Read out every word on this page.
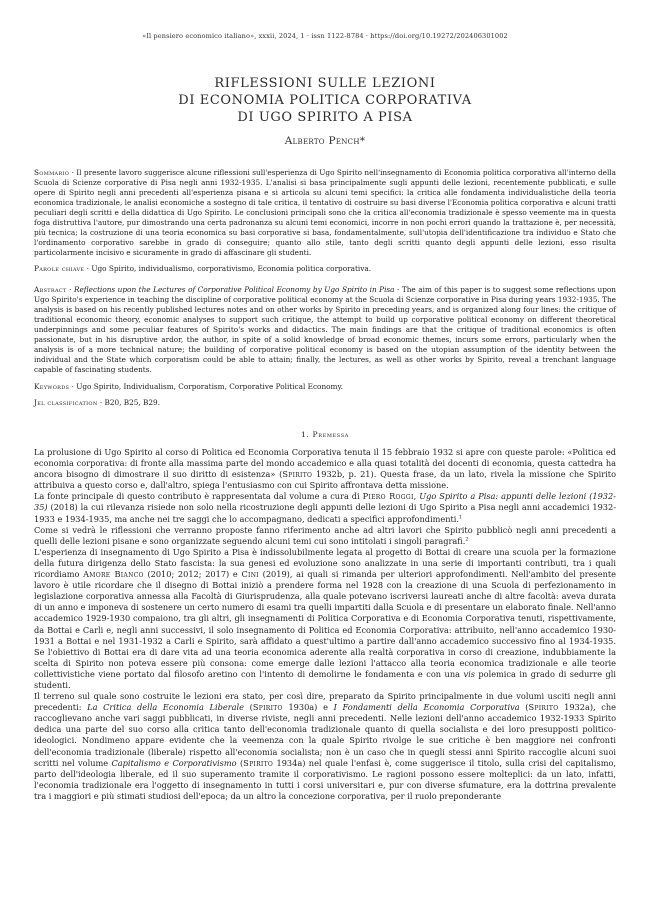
«Il pensiero economico italiano», xxxii, 2024, 1 · issn 1122-8784 · https://doi.org/10.19272/202406301002
RIFLESSIONI SULLE LEZIONI
DI ECONOMIA POLITICA CORPORATIVA
DI UGO SPIRITO A PISA
Alberto Pench*
Sommario · Il presente lavoro suggerisce alcune riflessioni sull'esperienza di Ugo Spirito nell'insegnamento di Economia politica corporativa all'interno della Scuola di Scienze corporative di Pisa negli anni 1932-1935. L'analisi si basa principalmente sugli appunti delle lezioni, recentemente pubblicati, e sulle opere di Spirito negli anni precedenti all'esperienza pisana e si articola su alcuni temi specifici: la critica alle fondamenta individualistiche della teoria economica tradizionale, le analisi economiche a sostegno di tale critica, il tentativo di costruire su basi diverse l'Economia politica corporativa e alcuni tratti peculiari degli scritti e della didattica di Ugo Spirito. Le conclusioni principali sono che la critica all'economia tradizionale è spesso veemente ma in questa foga distruttiva l'autore, pur dimostrando una certa padronanza su alcuni temi economici, incorre in non pochi errori quando la trattazione è, per necessità, più tecnica; la costruzione di una teoria economica su basi corporative si basa, fondamentalmente, sull'utopia dell'identificazione tra individuo e Stato che l'ordinamento corporativo sarebbe in grado di conseguire; quanto allo stile, tanto degli scritti quanto degli appunti delle lezioni, esso risulta particolarmente incisivo e sicuramente in grado di affascinare gli studenti.
Parole chiave · Ugo Spirito, individualismo, corporativismo, Economia politica corporativa.
Abstract · Reflections upon the Lectures of Corporative Political Economy by Ugo Spirito in Pisa · The aim of this paper is to suggest some reflections upon Ugo Spirito's experience in teaching the discipline of corporative political economy at the Scuola di Scienze corporative in Pisa during years 1932-1935. The analysis is based on his recently published lectures notes and on other works by Spirito in preceding years, and is organized along four lines: the critique of traditional economic theory, economic analyses to support such critique, the attempt to build up corporative political economy on different theoretical underpinnings and some peculiar features of Spirito's works and didactics. The main findings are that the critique of traditional economics is often passionate, but in his disruptive ardor, the author, in spite of a solid knowledge of broad economic themes, incurs some errors, particularly when the analysis is of a more technical nature; the building of corporative political economy is based on the utopian assumption of the identity between the individual and the State which corporatism could be able to attain; finally, the lectures, as well as other works by Spirito, reveal a trenchant language capable of fascinating students.
Keywords · Ugo Spirito, Individualism, Corporatism, Corporative Political Economy.
Jel classification · B20, B25, B29.
1. Premessa

La prolusione di Ugo Spirito al corso di Politica ed Economia Corporativa tenuta il 15 febbraio 1932 si apre con queste parole: «Politica ed economia corporativa: di fronte alla massima parte del mondo accademico e alla quasi totalità dei docenti di economia, questa cattedra ha ancora bisogno di dimostrare il suo diritto di esistenza» (Spirito 1932b, p. 21). Questa frase, da un lato, rivela la missione che Spirito attribuiva a questo corso e, dall'altro, spiega l'entusiasmo con cui Spirito affrontava detta missione.

La fonte principale di questo contributo è rappresentata dal volume a cura di Piero Roggi, Ugo Spirito a Pisa: appunti delle lezioni (1932-35) (2018) la cui rilevanza risiede non solo nella ricostruzione degli appunti delle lezioni di Ugo Spirito a Pisa negli anni accademici 1932-1933 e 1934-1935, ma anche nei tre saggi che lo accompagnano, dedicati a specifici approfondimenti.$^1$

Come si vedrà le riflessioni che verranno proposte fanno riferimento anche ad altri lavori che Spirito pubblicò negli anni precedenti a quelli delle lezioni pisane e sono organizzate seguendo alcuni temi cui sono intitolati i singoli paragrafi.$^2$

L'esperienza di insegnamento di Ugo Spirito a Pisa è indissolubilmente legata al progetto di Bottai di creare una scuola per la formazione della futura dirigenza dello Stato fascista: la sua genesi ed evoluzione sono analizzate in una serie di importanti contributi, tra i quali ricordiamo Amore Bianco (2010; 2012; 2017) e Cini (2019), ai quali si rimanda per ulteriori approfondimenti. Nell'ambito del presente lavoro è utile ricordare che il disegno di Bottai iniziò a prendere forma nel 1928 con la creazione di una Scuola di perfezionamento in legislazione corporativa annessa alla Facoltà di Giurisprudenza, alla quale potevano iscriversi laureati anche di altre facoltà: aveva durata di un anno e imponeva di sostenere un certo numero di esami tra quelli impartiti dalla Scuola e di presentare un elaborato finale. Nell'anno accademico 1929-1930 compaiono, tra gli altri, gli insegnamenti di Politica Corporativa e di Economia Corporativa tenuti, rispettivamente, da Bottai e Carli e, negli anni successivi, il solo insegnamento di Politica ed Economia Corporativa: attribuito, nell'anno accademico 1930-1931 a Bottai e nel 1931-1932 a Carli e Spirito, sarà affidato a quest'ultimo a partire dall'anno accademico successivo fino al 1934-1935. Se l'obiettivo di Bottai era di dare vita ad una teoria economica aderente alla realtà corporativa in corso di creazione, indubbiamente la scelta di Spirito non poteva essere più consona: come emerge dalle lezioni l'attacco alla teoria economica tradizionale e alle teorie collettivistiche viene portato dal filosofo aretino con l'intento di demolirne le fondamenta e con una vis polemica in grado di sedurre gli studenti.

Il terreno sul quale sono costruite le lezioni era stato, per così dire, preparato da Spirito principalmente in due volumi usciti negli anni precedenti: La Critica della Economia Liberale (Spirito 1930a) e I Fondamenti della Economia Corporativa (Spirito 1932a), che raccoglievano anche vari saggi pubblicati, in diverse riviste, negli anni precedenti. Nelle lezioni dell'anno accademico 1932-1933 Spirito dedica una parte del suo corso alla critica tanto dell'economia tradizionale quanto di quella socialista e dei loro presupposti politico-ideologici. Nondimeno appare evidente che la veemenza con la quale Spirito rivolge le sue critiche è ben maggiore nei confronti dell'economia tradizionale (liberale) rispetto all'economia socialista; non è un caso che in quegli stessi anni Spirito raccoglie alcuni suoi scritti nel volume Capitalismo e Corporativismo (Spirito 1934a) nel quale l'enfasi è, come suggerisce il titolo, sulla crisi del capitalismo, parto dell'ideologia liberale, ed il suo superamento tramite il corporativismo. Le ragioni possono essere molteplici: da un lato, infatti, l'economia tradizionale era l'oggetto di insegnamento in tutti i corsi universitari e, pur con diverse sfumature, era la dottrina prevalente tra i maggiori e più stimati studiosi dell'epoca; da un altro la concezione corporativa, per il ruolo preponderante
